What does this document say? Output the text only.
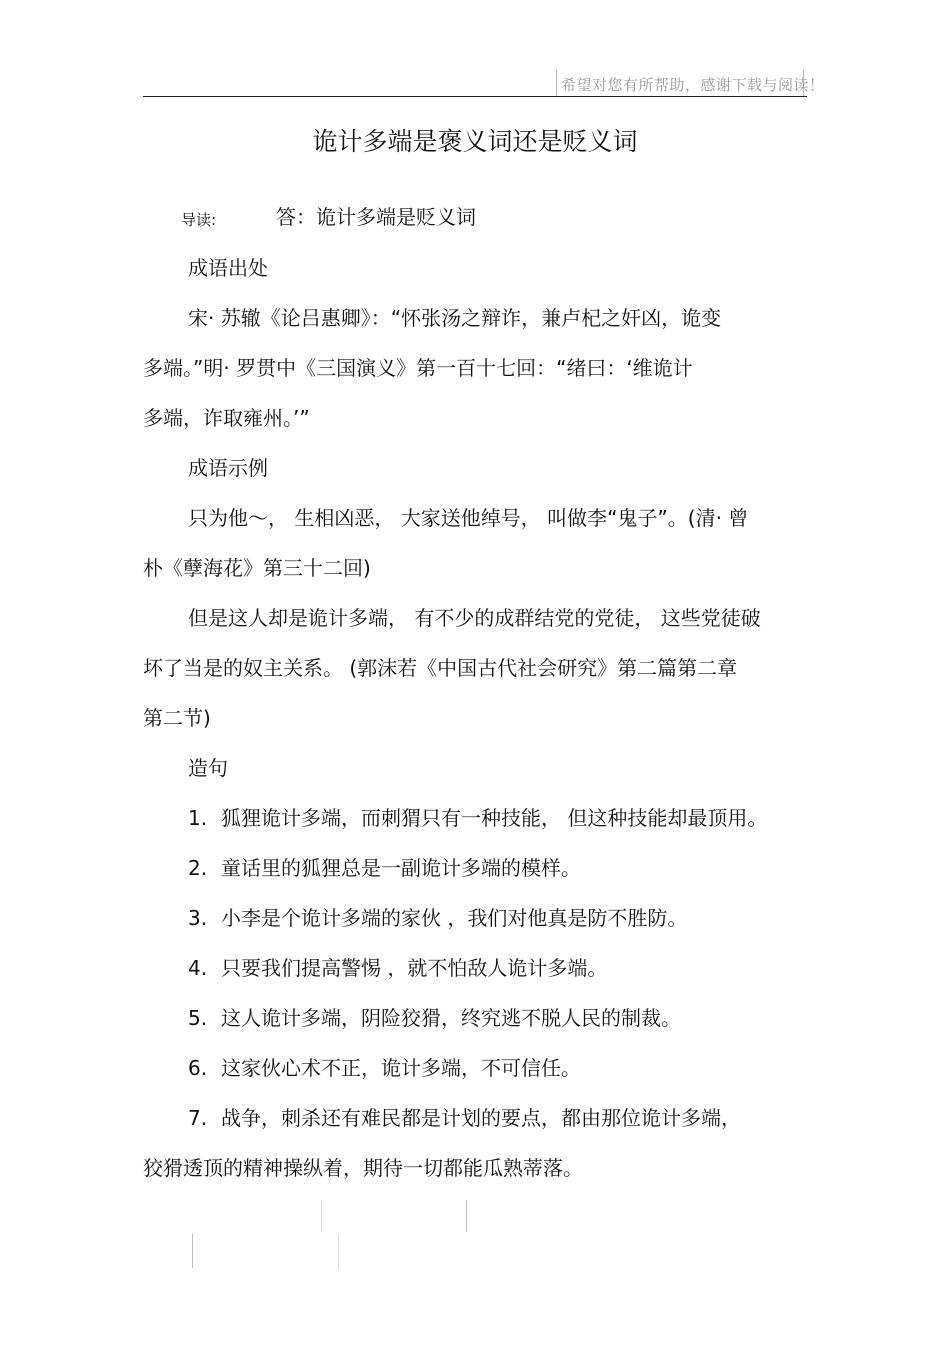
希望对您有所帮助，感谢下载与阅读！
诡计多端是褒义词还是贬义词
导读:	答：诡计多端是贬义词
成语出处
宋· 苏辙《论吕惠卿》：“怀张汤之辩诈，兼卢杞之奸凶，诡变
多端。”明· 罗贯中《三国演义》第一百十七回：“绪曰：‘维诡计
多端，诈取雍州。’”
成语示例
只为他～， 生相凶恶， 大家送他绰号， 叫做李“鬼子”。(清· 曾
朴《孽海花》第三十二回)
但是这人却是诡计多端， 有不少的成群结党的党徒， 这些党徒破
坏了当是的奴主关系。 (郭沫若《中国古代社会研究》第二篇第二章
第二节)
造句
1. 狐狸诡计多端，而刺猬只有一种技能， 但这种技能却最顶用。
2. 童话里的狐狸总是一副诡计多端的模样。
3. 小李是个诡计多端的家伙 ，我们对他真是防不胜防。
4. 只要我们提高警惕 ，就不怕敌人诡计多端。
5. 这人诡计多端，阴险狡猾，终究逃不脱人民的制裁。
6. 这家伙心术不正，诡计多端，不可信任。
7. 战争，刺杀还有难民都是计划的要点，都由那位诡计多端，
狡猾透顶的精神操纵着，期待一切都能瓜熟蒂落。
